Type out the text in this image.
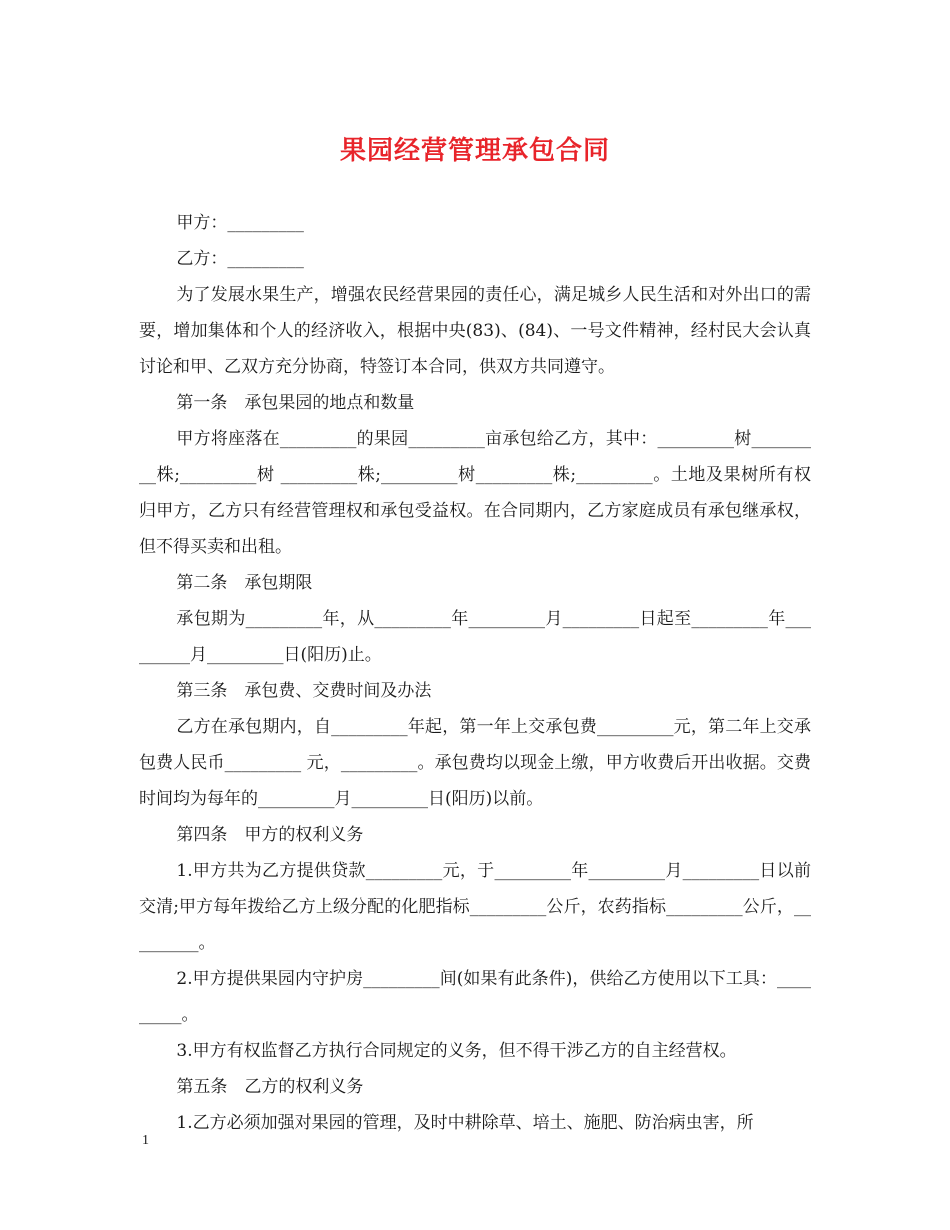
果园经营管理承包合同

甲方：_________

乙方：_________

为了发展水果生产，增强农民经营果园的责任心，满足城乡人民生活和对外出口的需要，增加集体和个人的经济收入，根据中央(83)、(84)、一号文件精神，经村民大会认真讨论和甲、乙双方充分协商，特签订本合同，供双方共同遵守。

第一条　承包果园的地点和数量

甲方将座落在_________的果园_________亩承包给乙方，其中：_________树_________株;_________树 _________株;_________树_________株;_________。土地及果树所有权归甲方，乙方只有经营管理权和承包受益权。在合同期内，乙方家庭成员有承包继承权，但不得买卖和出租。

第二条　承包期限

承包期为_________年，从_________年_________月_________日起至_________年_________月_________日(阳历)止。

第三条　承包费、交费时间及办法

乙方在承包期内，自_________年起，第一年上交承包费_________元，第二年上交承包费人民币_________ 元，_________。承包费均以现金上缴，甲方收费后开出收据。交费时间均为每年的_________月_________日(阳历)以前。

第四条　甲方的权利义务

1.甲方共为乙方提供贷款_________元，于_________年_________月_________日以前交清;甲方每年拨给乙方上级分配的化肥指标_________公斤，农药指标_________公斤，_________。

2.甲方提供果园内守护房_________间(如果有此条件)，供给乙方使用以下工具：_________。

3.甲方有权监督乙方执行合同规定的义务，但不得干涉乙方的自主经营权。

第五条　乙方的权利义务

1.乙方必须加强对果园的管理，及时中耕除草、培土、施肥、防治病虫害，所

1
